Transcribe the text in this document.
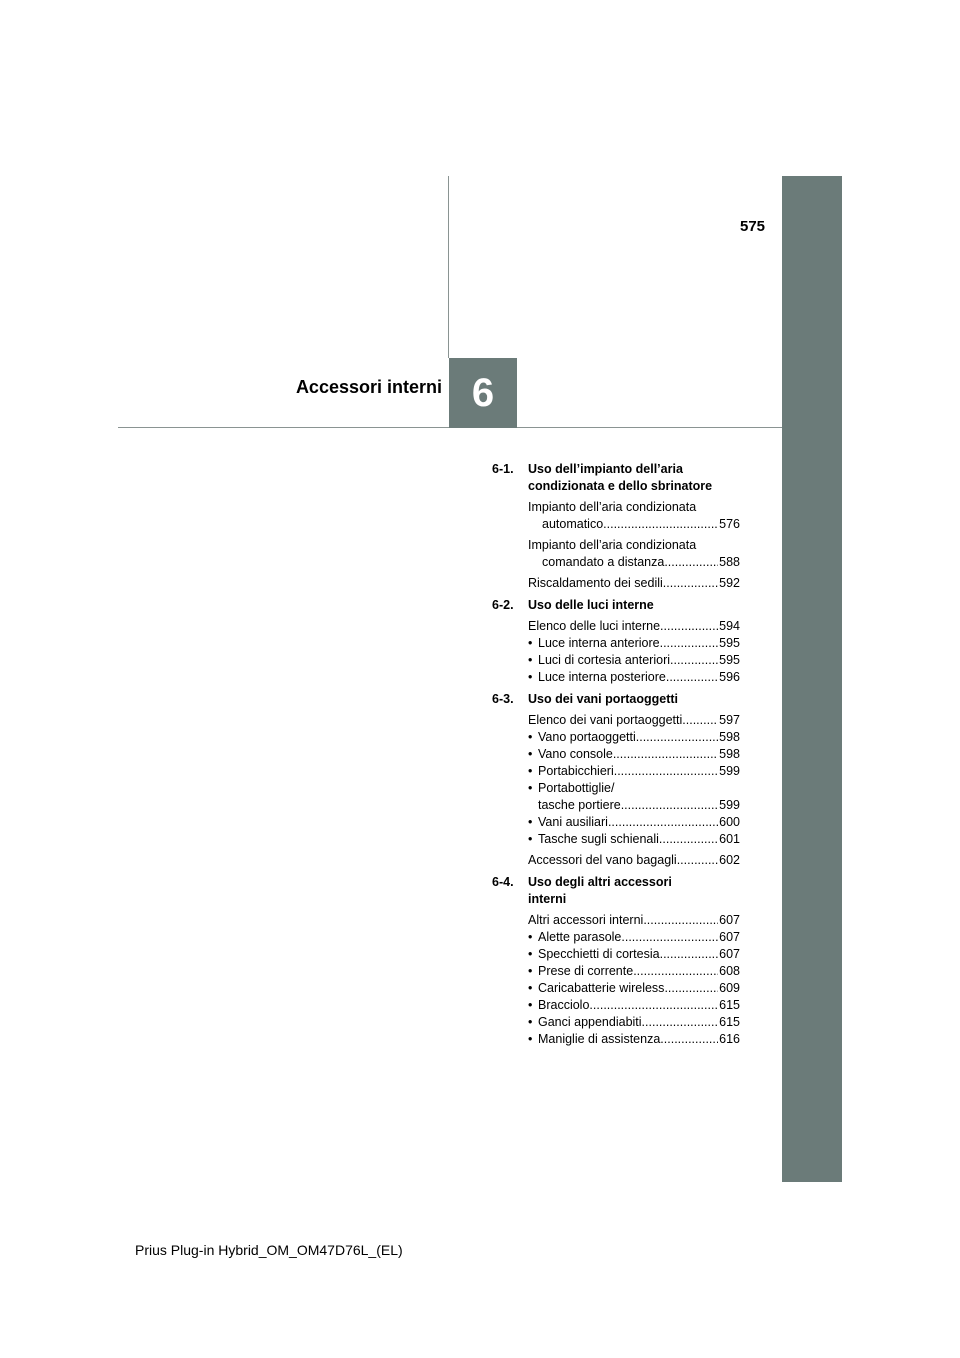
575
Accessori interni 6
6-1. Uso dell’impianto dell’aria
condizionata e dello sbrinatore
Impianto dell’aria condizionata
automatico .....	576
Impianto dell’aria condizionata
comandato a distanza .....	588
Riscaldamento dei sedili .....	592
6-2. Uso delle luci interne
Elenco delle luci interne .....	594
• Luce interna anteriore .....	595
• Luci di cortesia anteriori .....	595
• Luce interna posteriore .....	596
6-3. Uso dei vani portaoggetti
Elenco dei vani portaoggetti .....	597
• Vano portaoggetti .....	598
• Vano console .....	598
• Portabicchieri .....	599
• Portabottiglie/
tasche portiere .....	599
• Vani ausiliari .....	600
• Tasche sugli schienali .....	601
Accessori del vano bagagli .....	602
6-4. Uso degli altri accessori
interni
Altri accessori interni .....	607
• Alette parasole .....	607
• Specchietti di cortesia .....	607
• Prese di corrente .....	608
• Caricabatterie wireless .....	609
• Bracciolo .....	615
• Ganci appendiabiti .....	615
• Maniglie di assistenza .....	616
Prius Plug-in Hybrid_OM_OM47D76L_(EL)
